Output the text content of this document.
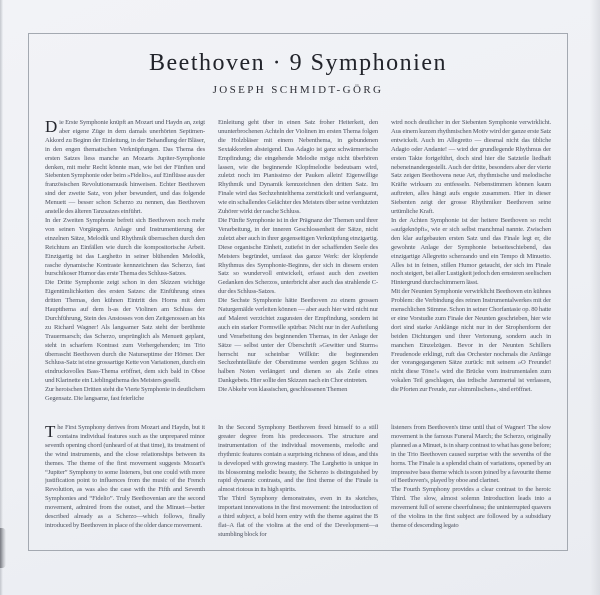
Beethoven · 9 Symphonien
JOSEPH SCHMIDT-GÖRG

Die Erste Symphonie knüpft an Mozart und Haydn an, zeigt aber eigene Züge in dem damals unerhörten Septimen-Akkord zu Beginn der Einleitung, in der Behandlung der Bläser, in den engen thematischen Verknüpfungen. Das Thema des ersten Satzes liess manche an Mozarts Jupiter-Symphonie denken, mit mehr Recht könnte man, wie bei der Fünften und Siebenten Symphonie oder beim »Fidelio«, auf Einflüsse aus der französischen Revolutionsmusik hinweisen. Echter Beethoven sind der zweite Satz, von jeher bewundert, und das folgende Menuett — besser schon Scherzo zu nennen, das Beethoven anstelle des älteren Tanzsatzes einführt.

In der Zweiten Symphonie befreit sich Beethoven noch mehr von seinen Vorgängern. Anlage und Instrumentierung der einzelnen Sätze, Melodik und Rhythmik überraschen durch den Reichtum an Einfällen wie durch die kompositorische Arbeit. Einzigartig ist das Larghetto in seiner blühenden Melodik, rasche dynamische Kontraste kennzeichnen das Scherzo, fast burschikoser Humor das erste Thema des Schluss-Satzes.

Die Dritte Symphonie zeigt schon in den Skizzen wichtige Eigentümlichkeiten des ersten Satzes: die Einführung eines dritten Themas, den kühnen Eintritt des Horns mit dem Hauptthema auf dem h-as der Violinen am Schluss der Durchführung, Stein des Anstosses von den Zeitgenossen an bis zu Richard Wagner! Als langsamer Satz steht der berühmte Trauermarsch; das Scherzo, ursprünglich als Menuett geplant, steht in scharfem Kontrast zum Vorhergehenden; im Trio überrascht Beethoven durch die Naturseptime der Hörner. Der Schluss-Satz ist eine grossartige Kette von Variationen, durch ein eindrucksvolles Bass-Thema eröffnet, dem sich bald in Oboe und Klarinette ein Lieblingsthema des Meisters gesellt.

Zur heroischen Dritten steht die Vierte Symphonie in deutlichem Gegensatz. Die langsame, fast feierliche

Einleitung geht über in einen Satz froher Heiterkeit, den ununterbrochenen Achteln der Violinen im ersten Thema folgen die Holzbläser mit einem Nebenthema, in gebundenen Sextakkorden absteigend. Das Adagio ist ganz schwärmerische Empfindung; die eingehende Melodie möge nicht überhören lassen, wie die beginnende Klopfmelodie bedeutsam wird, zuletzt noch im Pianissimo der Pauken allein! Eigenwillige Rhythmik und Dynamik kennzeichnen den dritten Satz. Im Finale wird das Sechzehntelthema zerstückelt und verlangsamt, wie ein schallendes Gelächter des Meisters über seine verdutzten Zuhörer wirkt der rasche Schluss.

Die Fünfte Symphonie ist in der Prägnanz der Themen und ihrer Verarbeitung, in der inneren Geschlossenheit der Sätze, nicht zuletzt aber auch in ihrer gegenseitigen Verknüpfung einzigartig. Diese organische Einheit, zutiefst in der schaffenden Seele des Meisters begründet, umfasst das ganze Werk: der klopfende Rhythmus des Symphonie-Beginns, der sich in diesem ersten Satz so wundervoll entwickelt, erfasst auch den zweiten Gedanken des Scherzos, unterbricht aber auch das strahlende C-dur des Schluss-Satzes.

Die Sechste Symphonie hätte Beethoven zu einem grossen Naturgemälde verleiten können — aber auch hier wird nicht nur auf Malerei verzichtet zugunsten der Empfindung, sondern ist auch ein starker Formwille spürbar. Nicht nur in der Aufteilung und Verarbeitung des beginnenden Themas, in der Anlage der Sätze — selbst unter der Überschrift »Gewitter und Sturm« herrscht nur scheinbar Willkür: die beginnenden Sechzehntelläufe der Oberstimme werden gegen Schluss zu halben Noten verlängert und dienen so als Zeile eines Dankgebets. Hier sollte den Skizzen nach ein Chor eintreten.

Die Abkehr von klassischen, geschlossenen Themen

wird noch deutlicher in der Siebenten Symphonie verwirklicht. Aus einem kurzen rhythmischen Motiv wird der ganze erste Satz entwickelt. Auch im Allegretto — diesmal nicht das übliche Adagio oder Andante! — wird der grundlegende Rhythmus der ersten Takte fortgeführt, doch sind hier die Satzteile liedhaft nebeneinandergestellt. Auch der dritte, besonders aber der vierte Satz zeigen Beethovens neue Art, rhythmische und melodische Kräfte wirksam zu entfesseln. Nebenstimmen können kaum auftreten, alles hängt aufs engste zusammen. Hier in dieser Siebenten zeigt der grosse Rhythmiker Beethoven seine urtümliche Kraft.

In der Achten Symphonie ist der heitere Beethoven so recht »aufgeknöpft«, wie er sich selbst manchmal nannte. Zwischen den klar aufgebauten ersten Satz und das Finale legt er, die gewohnte Anlage der Symphonie beiseiteschiebend, das einzigartige Allegretto scherzando und ein Tempo di Minuetto. Alles ist in feinen, stillen Humor getaucht, der sich im Finale noch steigert, bei aller Lustigkeit jedoch den ernsteren seelischen Hintergrund durchschimmern lässt.

Mit der Neunten Symphonie verwirklicht Beethoven ein kühnes Problem: die Verbindung des reinen Instrumentalwerkes mit der menschlichen Stimme. Schon in seiner Chorfantasie op. 80 hatte er eine Vorstudie zum Finale der Neunten geschrieben, hier wie dort sind starke Anklänge nicht nur in der Strophenform der beiden Dichtungen und ihrer Vertonung, sondern auch in manchen Einzelzügen. Bevor in der Neunten Schillers Freudenode erklingt, ruft das Orchester nochmals die Anfänge der vorangegangenen Sätze zurück: mit seinem »O Freunde! nicht diese Töne!« wird die Brücke vom instrumentalen zum vokalen Teil geschlagen, das irdische Jammertal ist verlassen, die Pforten zur Freude, zur »himmlischen«, sind eröffnet.

The First Symphony derives from Mozart and Haydn, but it contains individual features such as the unprepared minor seventh opening chord (unheard of at that time), its treatment of the wind instruments, and the close relationships between its themes. The theme of the first movement suggests Mozart's “Jupiter” Symphony to some listeners, but one could with more justification point to influences from the music of the French Revolution, as was also the case with the Fifth and Seventh Symphonies and “Fidelio”. Truly Beethovenian are the second movement, admired from the outset, and the Minuet—better described already as a Scherzo—which follows, finally introduced by Beethoven in place of the older dance movement.

In the Second Symphony Beethoven freed himself to a still greater degree from his predecessors. The structure and instrumentation of the individual movements, melodic and rhythmic features contain a surprising richness of ideas, and this is developed with growing mastery. The Larghetto is unique in its blossoming melodic beauty, the Scherzo is distinguished by rapid dynamic contrasts, and the first theme of the Finale is almost riotous in its high spirits.

The Third Symphony demonstrates, even in its sketches, important innovations in the first movement: the introduction of a third subject, a bold horn entry with the theme against the B flat–A flat of the violins at the end of the Development—a stumbling block for

listeners from Beethoven's time until that of Wagner! The slow movement is the famous Funeral March; the Scherzo, originally planned as a Minuet, is in sharp contrast to what has gone before; in the Trio Beethoven caused surprise with the sevenths of the horns. The Finale is a splendid chain of variations, opened by an impressive bass theme which is soon joined by a favourite theme of Beethoven's, played by oboe and clarinet.

The Fourth Symphony provides a clear contrast to the heroic Third. The slow, almost solemn Introduction leads into a movement full of serene cheerfulness; the uninterrupted quavers of the violins in the first subject are followed by a subsidiary theme of descending legato
